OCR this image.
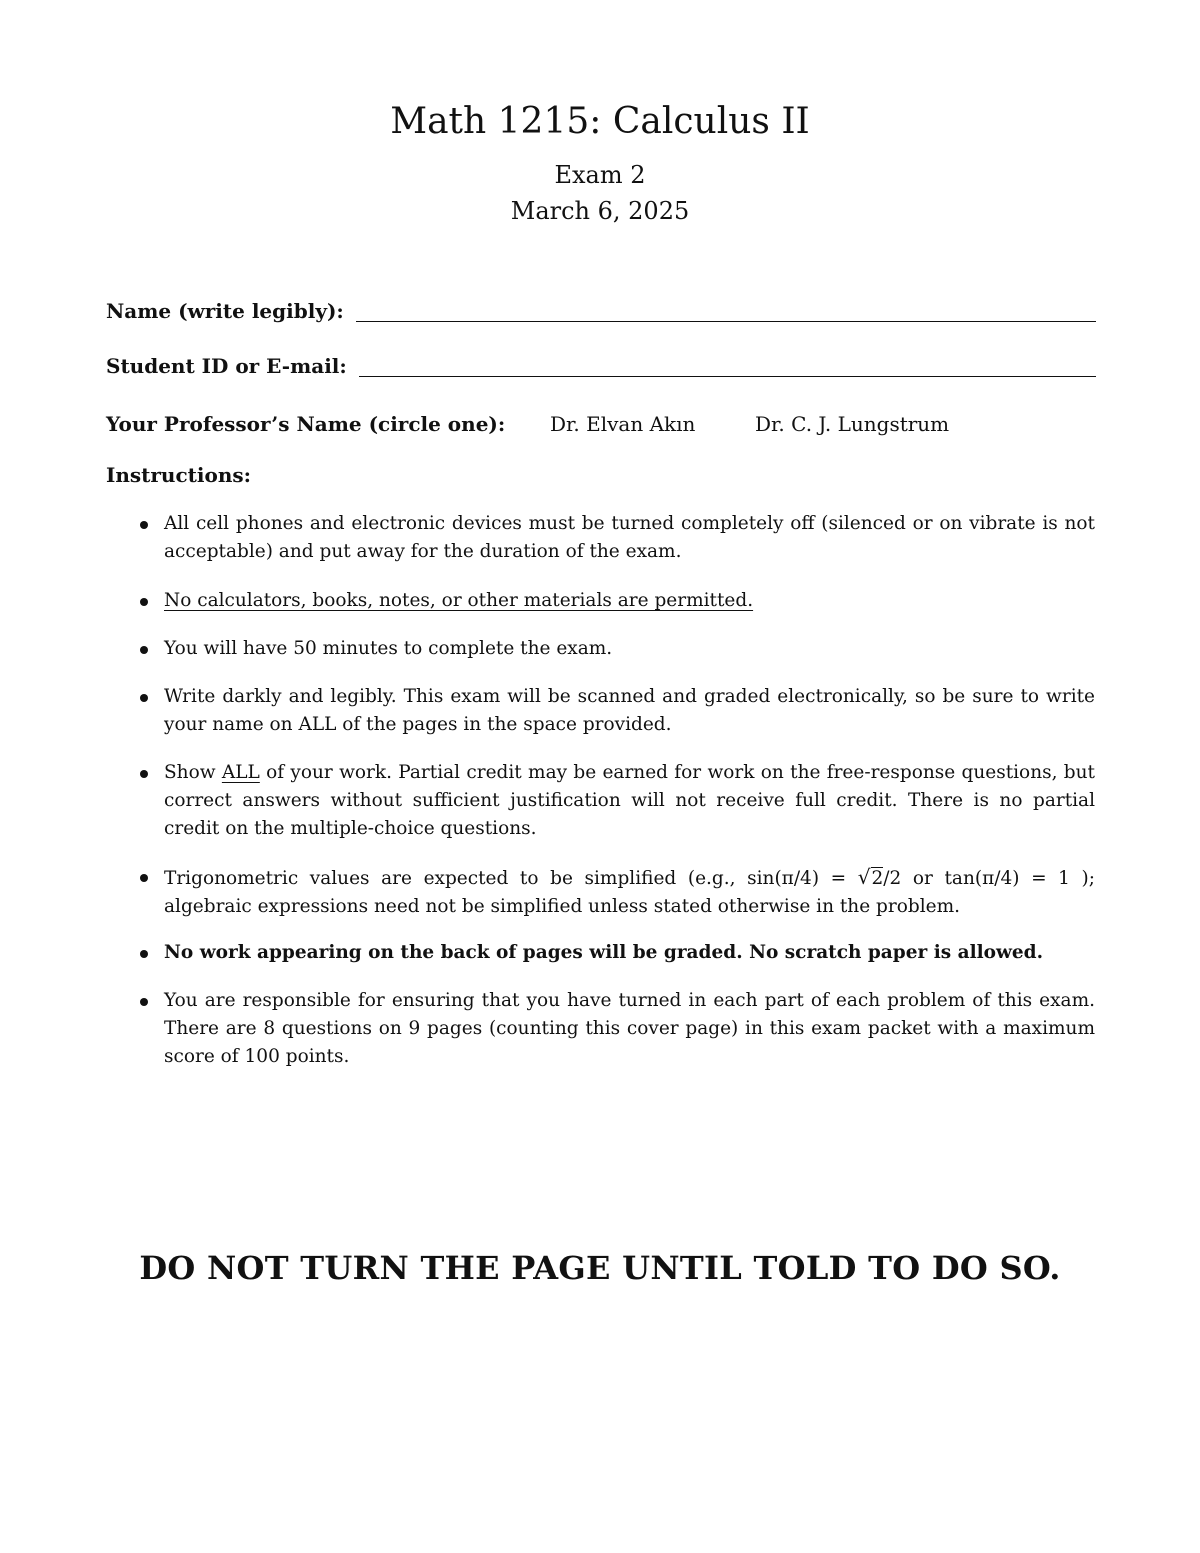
Math 1215: Calculus II
Exam 2
March 6, 2025
Name (write legibly):
Student ID or E-mail:
Your Professor’s Name (circle one): Dr. Elvan Akın	Dr. C. J. Lungstrum
Instructions:
All cell phones and electronic devices must be turned completely off (silenced or on vibrate is not acceptable) and put away for the duration of the exam.
No calculators, books, notes, or other materials are permitted.
You will have 50 minutes to complete the exam.
Write darkly and legibly. This exam will be scanned and graded electronically, so be sure to write your name on ALL of the pages in the space provided.
Show ALL of your work. Partial credit may be earned for work on the free-response questions, but correct answers without sufficient justification will not receive full credit. There is no partial credit on the multiple-choice questions.
Trigonometric values are expected to be simplified (e.g., sin(π/4) = √2/2 or tan(π/4) = 1 ); algebraic expressions need not be simplified unless stated otherwise in the problem.
No work appearing on the back of pages will be graded. No scratch paper is allowed.
You are responsible for ensuring that you have turned in each part of each problem of this exam. There are 8 questions on 9 pages (counting this cover page) in this exam packet with a maximum score of 100 points.
DO NOT TURN THE PAGE UNTIL TOLD TO DO SO.
